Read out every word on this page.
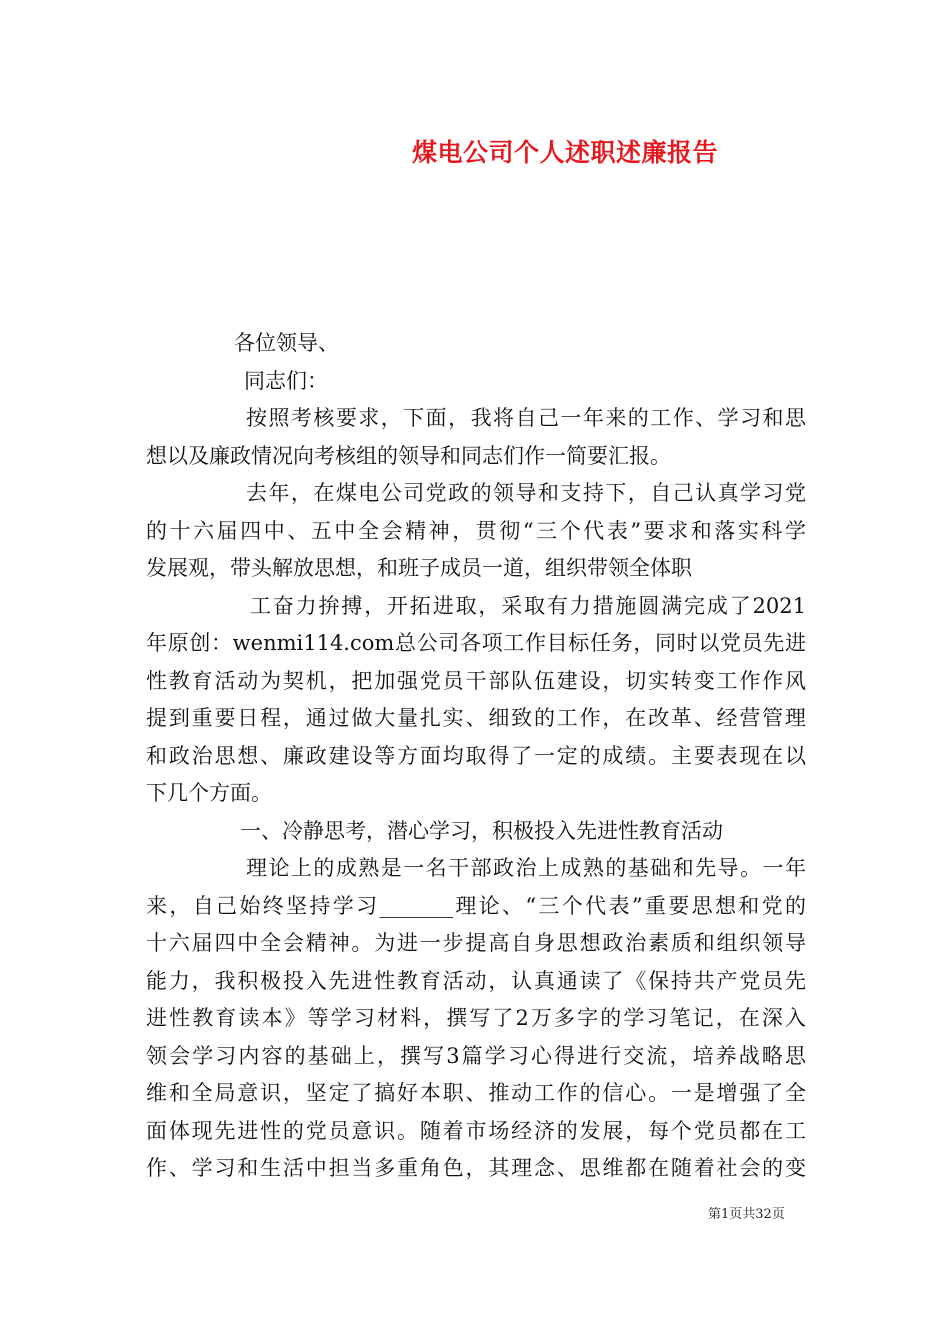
煤电公司个人述职述廉报告
各位领导、
同志们：
按照考核要求，下面，我将自己一年来的工作、学习和思
想以及廉政情况向考核组的领导和同志们作一简要汇报。
去年，在煤电公司党政的领导和支持下，自己认真学习党
的十六届四中、五中全会精神，贯彻“三个代表”要求和落实科学
发展观，带头解放思想，和班子成员一道，组织带领全体职
工奋力拚搏，开拓进取，采取有力措施圆满完成了2021
年原创：wenmi114.com总公司各项工作目标任务，同时以党员先进
性教育活动为契机，把加强党员干部队伍建设，切实转变工作作风
提到重要日程，通过做大量扎实、细致的工作，在改革、经营管理
和政治思想、廉政建设等方面均取得了一定的成绩。主要表现在以
下几个方面。
一、冷静思考，潜心学习，积极投入先进性教育活动
理论上的成熟是一名干部政治上成熟的基础和先导。一年
来，自己始终坚持学习_______理论、“三个代表”重要思想和党的
十六届四中全会精神。为进一步提高自身思想政治素质和组织领导
能力，我积极投入先进性教育活动，认真通读了《保持共产党员先
进性教育读本》等学习材料，撰写了2万多字的学习笔记，在深入
领会学习内容的基础上，撰写3篇学习心得进行交流，培养战略思
维和全局意识，坚定了搞好本职、推动工作的信心。一是增强了全
面体现先进性的党员意识。随着市场经济的发展，每个党员都在工
作、学习和生活中担当多重角色，其理念、思维都在随着社会的变
第1页共32页
